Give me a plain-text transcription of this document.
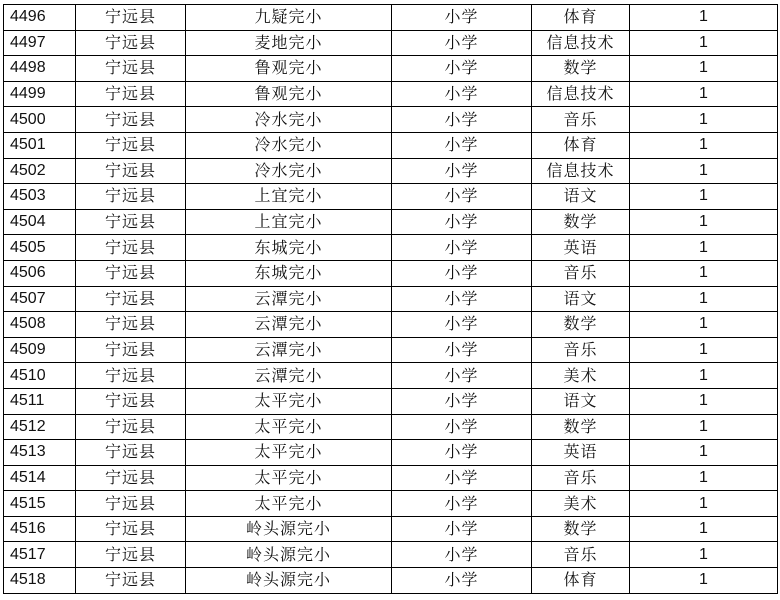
4496	宁远县	九疑完小	小学	体育	1
4497	宁远县	麦地完小	小学	信息技术	1
4498	宁远县	鲁观完小	小学	数学	1
4499	宁远县	鲁观完小	小学	信息技术	1
4500	宁远县	冷水完小	小学	音乐	1
4501	宁远县	冷水完小	小学	体育	1
4502	宁远县	冷水完小	小学	信息技术	1
4503	宁远县	上宜完小	小学	语文	1
4504	宁远县	上宜完小	小学	数学	1
4505	宁远县	东城完小	小学	英语	1
4506	宁远县	东城完小	小学	音乐	1
4507	宁远县	云潭完小	小学	语文	1
4508	宁远县	云潭完小	小学	数学	1
4509	宁远县	云潭完小	小学	音乐	1
4510	宁远县	云潭完小	小学	美术	1
4511	宁远县	太平完小	小学	语文	1
4512	宁远县	太平完小	小学	数学	1
4513	宁远县	太平完小	小学	英语	1
4514	宁远县	太平完小	小学	音乐	1
4515	宁远县	太平完小	小学	美术	1
4516	宁远县	岭头源完小	小学	数学	1
4517	宁远县	岭头源完小	小学	音乐	1
4518	宁远县	岭头源完小	小学	体育	1
